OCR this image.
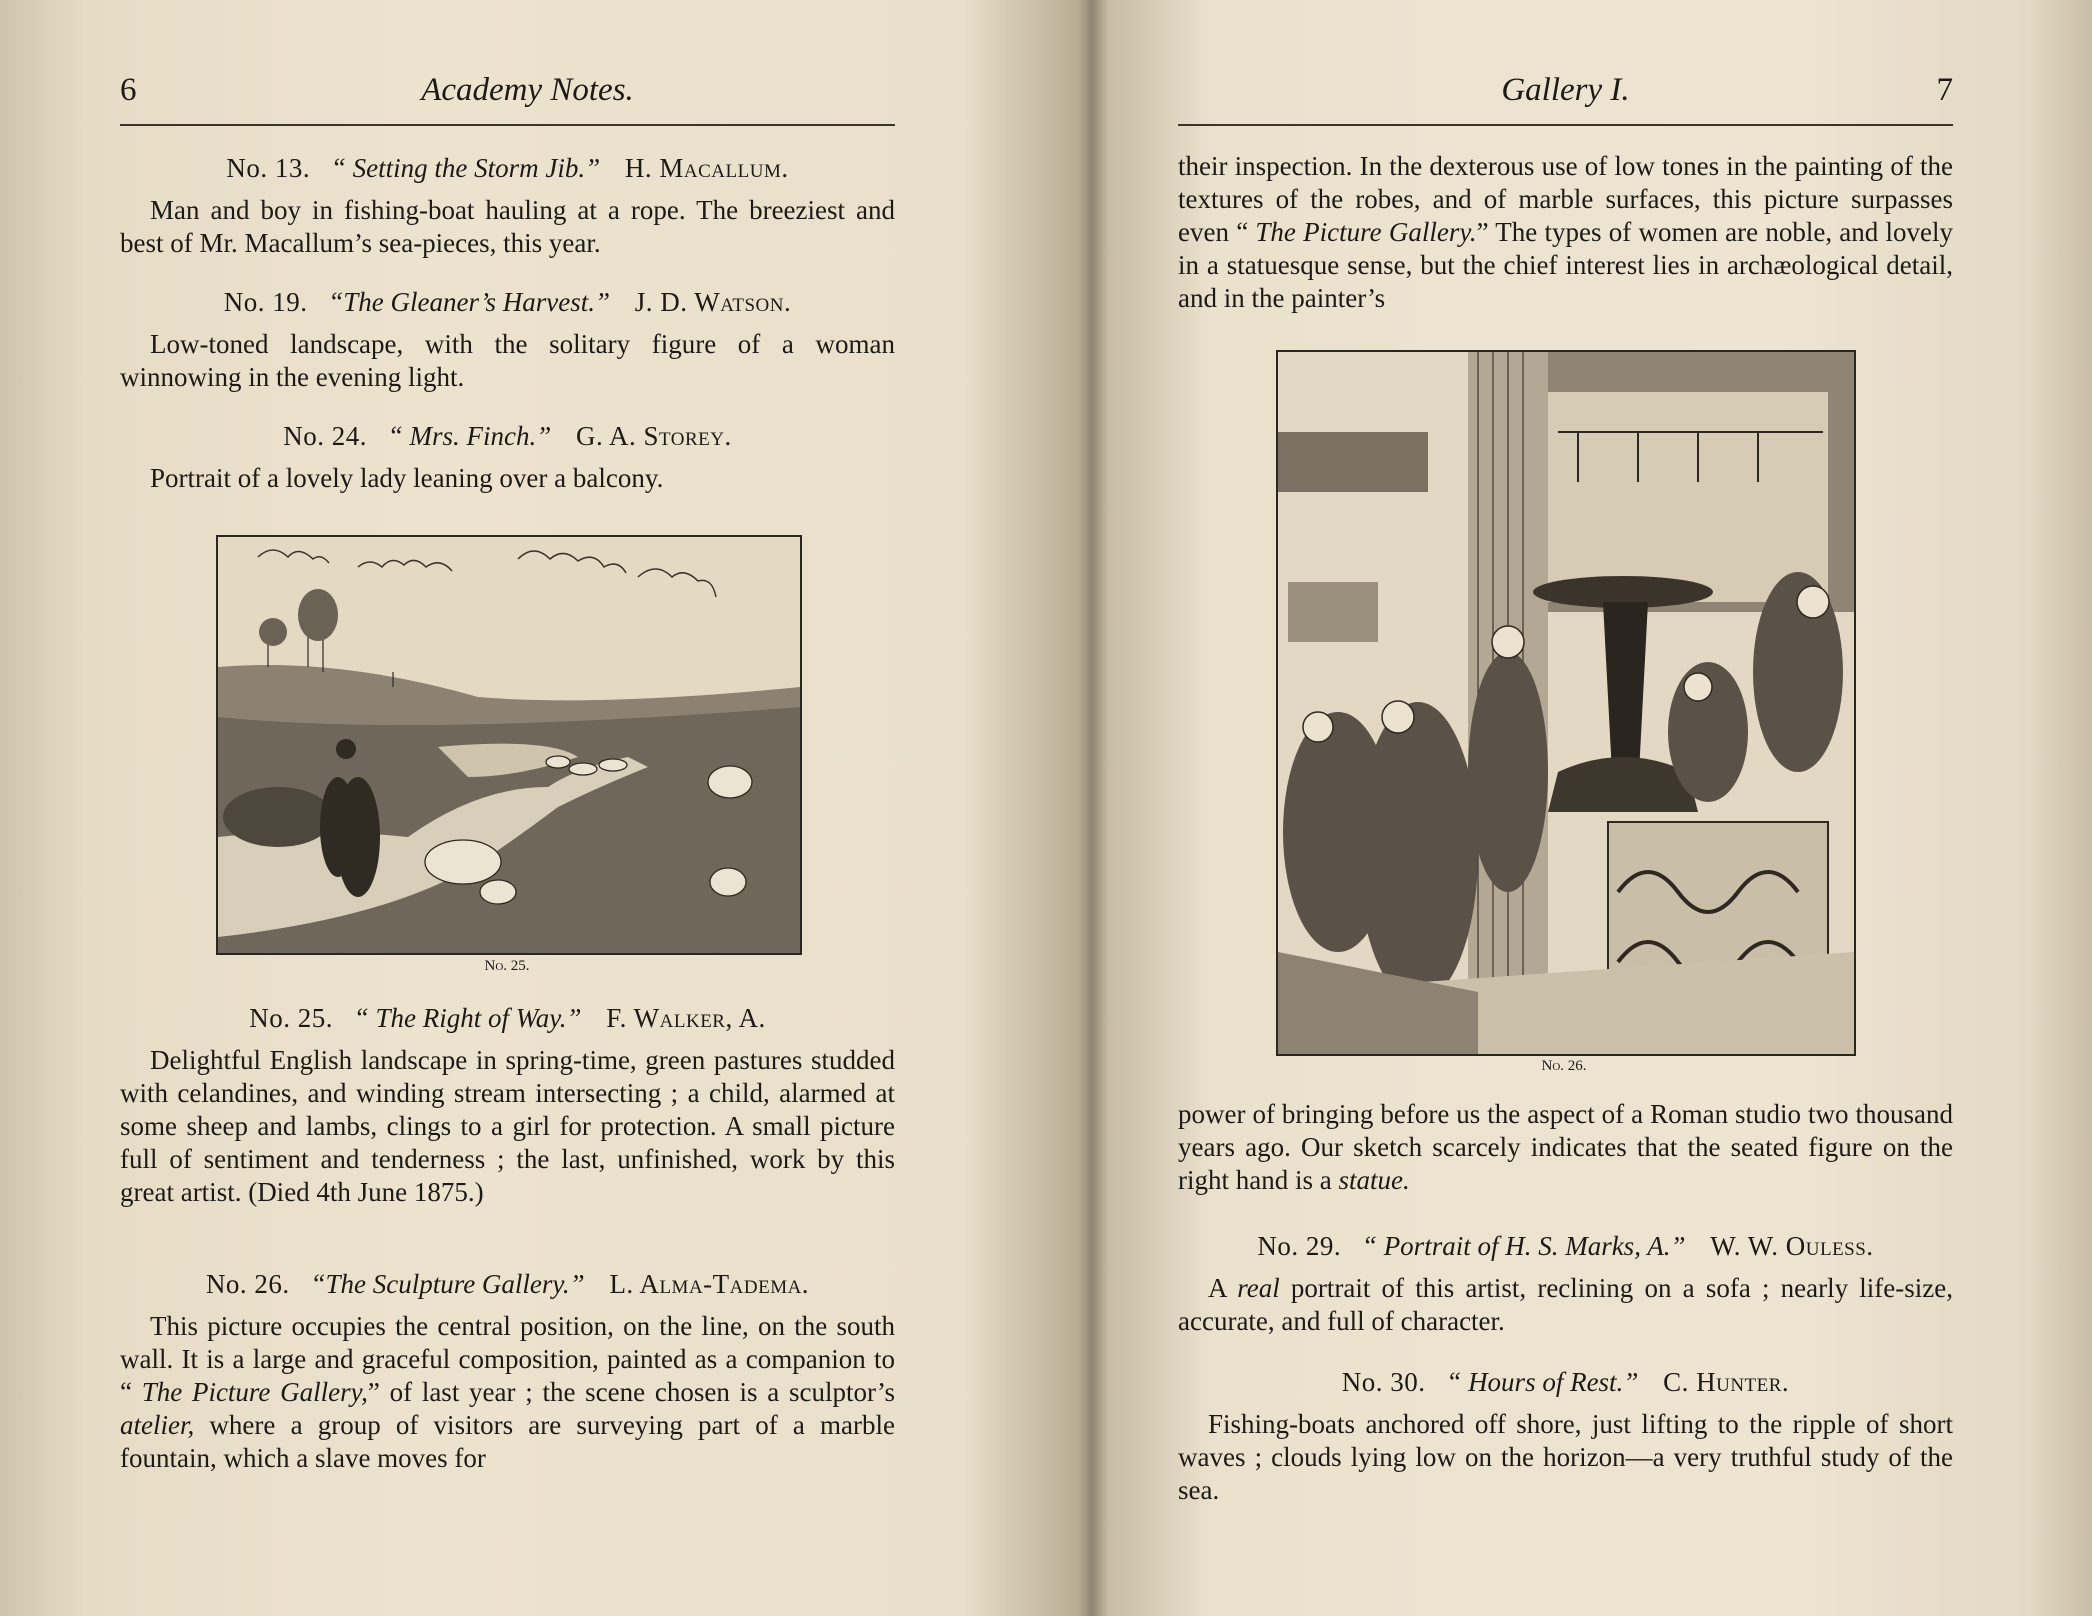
6	Academy Notes.
No. 13. “ Setting the Storm Jib.” H. Macallum.
Man and boy in fishing-boat hauling at a rope. The breeziest and best of Mr. Macallum’s sea-pieces, this year.
No. 19. “The Gleaner’s Harvest.” J. D. Watson.
Low-toned landscape, with the solitary figure of a woman winnowing in the evening light.
No. 24. “ Mrs. Finch.” G. A. Storey.
Portrait of a lovely lady leaning over a balcony.
No. 25.
No. 25. “ The Right of Way.” F. Walker, A.
Delightful English landscape in spring-time, green pastures studded with celandines, and winding stream intersecting ; a child, alarmed at some sheep and lambs, clings to a girl for protection. A small picture full of sentiment and tenderness ; the last, unfinished, work by this great artist. (Died 4th June 1875.)
No. 26. “The Sculpture Gallery.” L. Alma-Tadema.
This picture occupies the central position, on the line, on the south wall. It is a large and graceful composition, painted as a companion to “ The Picture Gallery,” of last year ; the scene chosen is a sculptor’s atelier, where a group of visitors are surveying part of a marble fountain, which a slave moves for
Gallery I.	7
their inspection. In the dexterous use of low tones in the painting of the textures of the robes, and of marble surfaces, this picture surpasses even “ The Picture Gallery.” The types of women are noble, and lovely in a statuesque sense, but the chief interest lies in archæological detail, and in the painter’s
No. 26.
power of bringing before us the aspect of a Roman studio two thousand years ago. Our sketch scarcely indicates that the seated figure on the right hand is a statue.
No. 29. “ Portrait of H. S. Marks, A.” W. W. Ouless.
A real portrait of this artist, reclining on a sofa ; nearly life-size, accurate, and full of character.
No. 30. “ Hours of Rest.” C. Hunter.
Fishing-boats anchored off shore, just lifting to the ripple of short waves ; clouds lying low on the horizon—a very truthful study of the sea.
